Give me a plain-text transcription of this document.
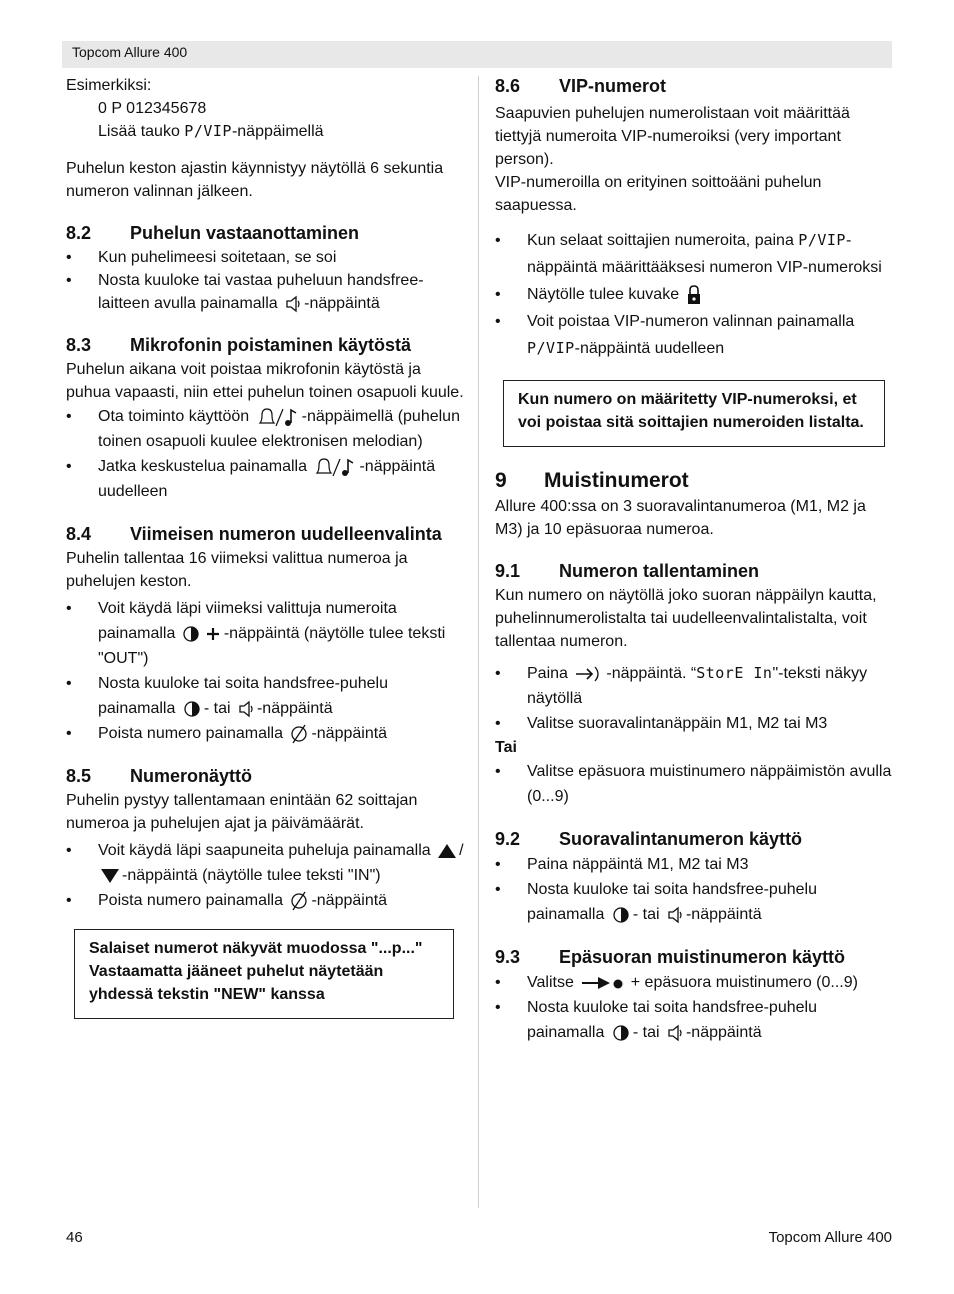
Topcom Allure 400

Esimerkiksi:

0 P 012345678

Lisää tauko P/VIP-näppäimellä

Puhelun keston ajastin käynnistyy näytöllä 6 sekuntia numeron valinnan jälkeen.

8.2	Puhelun vastaanottaminen
• Kun puhelimeesi soitetaan, se soi
• Nosta kuuloke tai vastaa puheluun handsfree-laitteen avulla painamalla -näppäintä
8.3	Mikrofonin poistaminen käytöstä

Puhelun aikana voit poistaa mikrofonin käytöstä ja puhua vapaasti, niin ettei puhelun toinen osapuoli kuule.

• Ota toiminto käyttöön	-näppäimellä (puhelun toinen osapuoli kuulee elektronisen melodian)
• Jatka keskustelua painamalla	-näppäintä uudelleen
8.4	Viimeisen numeron uudelleenvalinta

Puhelin tallentaa 16 viimeksi valittua numeroa ja puhelujen keston.

• Voit käydä läpi viimeksi valittuja numeroita painamalla	-näppäintä (näytölle tulee teksti "OUT")
• Nosta kuuloke tai soita handsfree-puhelu painamalla - tai -näppäintä
• Poista numero painamalla -näppäintä
8.5	Numeronäyttö

Puhelin pystyy tallentamaan enintään 62 soittajan numeroa ja puhelujen ajat ja päivämäärät.

• Voit käydä läpi saapuneita puheluja painamalla /-näppäintä (näytölle tulee teksti "IN")
• Poista numero painamalla -näppäintä

Salaiset numerot näkyvät muodossa "...p..."

Vastaamatta jääneet puhelut näytetään yhdessä tekstin "NEW" kanssa

8.6	VIP-numerot

Saapuvien puhelujen numerolistaan voit määrittää tiettyjä numeroita VIP-numeroiksi (very important person).

VIP-numeroilla on erityinen soittoääni puhelun saapuessa.

• Kun selaat soittajien numeroita, paina P/VIP-näppäintä määrittääksesi numeron VIP-numeroksi
• Näytölle tulee kuvake
• Voit poistaa VIP-numeron valinnan painamalla P/VIP-näppäintä uudelleen

Kun numero on määritetty VIP-numeroksi, et voi poistaa sitä soittajien numeroiden listalta.

9	Muistinumerot

Allure 400:ssa on 3 suoravalintanumeroa (M1, M2 ja M3) ja 10 epäsuoraa numeroa.

9.1	Numeron tallentaminen

Kun numero on näytöllä joko suoran näppäilyn kautta, puhelinnumerolistalta tai uudelleenvalintalistalta, voit tallentaa numeron.

• Paina -näppäintä. “StorE In"-teksti näkyy näytöllä
• Valitse suoravalintanäppäin M1, M2 tai M3

Tai

• Valitse epäsuora muistinumero näppäimistön avulla (0...9)
9.2	Suoravalintanumeron käyttö
• Paina näppäintä M1, M2 tai M3
• Nosta kuuloke tai soita handsfree-puhelu painamalla - tai -näppäintä
9.3	Epäsuoran muistinumeron käyttö
• Valitse	+ epäsuora muistinumero (0...9)
• Nosta kuuloke tai soita handsfree-puhelu painamalla - tai -näppäintä
46	Topcom Allure 400
